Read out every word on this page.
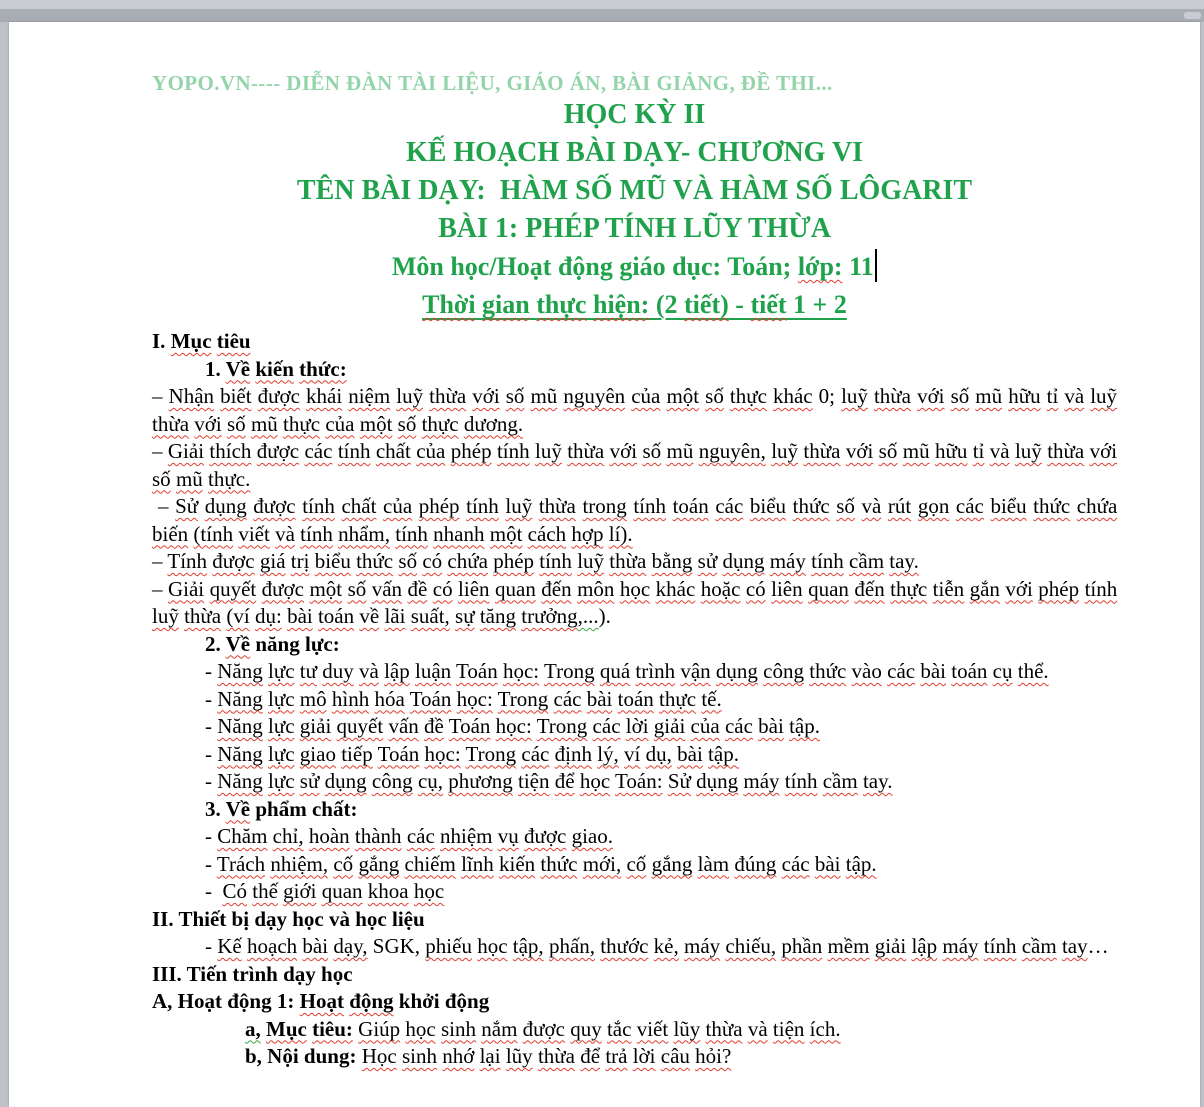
YOPO.VN---- DIỄN ĐÀN TÀI LIỆU, GIÁO ÁN, BÀI GIẢNG, ĐỀ THI...
HỌC KỲ II
KẾ HOẠCH BÀI DẠY- CHƯƠNG VI
TÊN BÀI DẠY:  HÀM SỐ MŨ VÀ HÀM SỐ LÔGARIT
BÀI 1: PHÉP TÍNH LŨY THỪA
Môn học/Hoạt động giáo dục: Toán; lớp: 11
Thời gian thực hiện: (2 tiết) - tiết 1 + 2
I. Mục tiêu
1. Về kiến thức:
– Nhận biết được khái niệm luỹ thừa với số mũ nguyên của một số thực khác 0; luỹ thừa với số mũ hữu tỉ và luỹ thừa với số mũ thực của một số thực dương.
– Giải thích được các tính chất của phép tính luỹ thừa với số mũ nguyên, luỹ thừa với số mũ hữu tỉ và luỹ thừa với số mũ thực.
– Sử dụng được tính chất của phép tính luỹ thừa trong tính toán các biểu thức số và rút gọn các biểu thức chứa biến (tính viết và tính nhẩm, tính nhanh một cách hợp lí).
– Tính được giá trị biểu thức số có chứa phép tính luỹ thừa bằng sử dụng máy tính cầm tay.
– Giải quyết được một số vấn đề có liên quan đến môn học khác hoặc có liên quan đến thực tiễn gắn với phép tính luỹ thừa (ví dụ: bài toán về lãi suất, sự tăng trưởng,...).
2. Về năng lực:
- Năng lực tư duy và lập luận Toán học: Trong quá trình vận dụng công thức vào các bài toán cụ thể.
- Năng lực mô hình hóa Toán học: Trong các bài toán thực tế.
- Năng lực giải quyết vấn đề Toán học: Trong các lời giải của các bài tập.
- Năng lực giao tiếp Toán học: Trong các định lý, ví dụ, bài tập.
- Năng lực sử dụng công cụ, phương tiện để học Toán: Sử dụng máy tính cầm tay.
3. Về phẩm chất:
- Chăm chỉ, hoàn thành các nhiệm vụ được giao.
- Trách nhiệm, cố gắng chiếm lĩnh kiến thức mới, cố gắng làm đúng các bài tập.
-  Có thế giới quan khoa học
II. Thiết bị dạy học và học liệu
- Kế hoạch bài dạy, SGK, phiếu học tập, phấn, thước kẻ, máy chiếu, phần mềm giải lập máy tính cầm tay…
III. Tiến trình dạy học
A, Hoạt động 1: Hoạt động khởi động
a, Mục tiêu: Giúp học sinh nắm được quy tắc viết lũy thừa và tiện ích.
b, Nội dung: Học sinh nhớ lại lũy thừa để trả lời câu hỏi?
